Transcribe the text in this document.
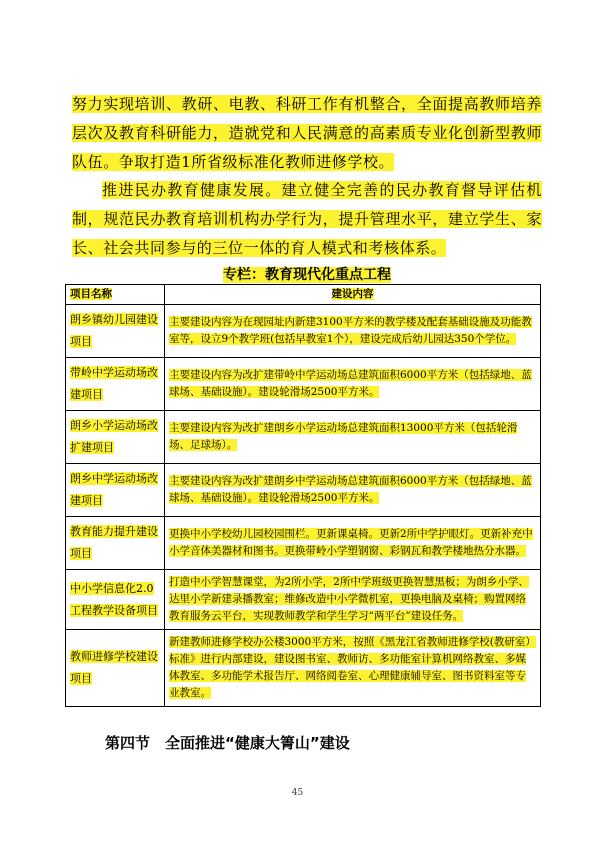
努力实现培训、教研、电教、科研工作有机整合，全面提高教师培养层次及教育科研能力，造就党和人民满意的高素质专业化创新型教师队伍。争取打造1所省级标准化教师进修学校。
推进民办教育健康发展。建立健全完善的民办教育督导评估机制，规范民办教育培训机构办学行为，提升管理水平，建立学生、家长、社会共同参与的三位一体的育人模式和考核体系。
专栏：教育现代化重点工程
项目名称	建设内容
朗乡镇幼儿园建设项目	主要建设内容为在现园址内新建3100平方米的教学楼及配套基础设施及功能教室等，设立9个教学班(包括早教室1个），建设完成后幼儿园达350个学位。
带岭中学运动场改建项目	主要建设内容为改扩建带岭中学运动场总建筑面积6000平方米（包括绿地、蓝球场、基础设施）。建设轮滑场2500平方米。
朗乡小学运动场改扩建项目	主要建设内容为改扩建朗乡小学运动场总建筑面积13000平方米（包括轮滑场、足球场）。
朗乡中学运动场改建项目	主要建设内容为改扩建朗乡中学运动场总建筑面积6000平方米（包括绿地、蓝球场、基础设施）。建设轮滑场2500平方米。
教育能力提升建设项目	更换中小学校幼儿园校园围栏。更新课桌椅。更新2所中学护眼灯。更新补充中小学音体美器材和图书。更换带岭小学塑钢窗、彩钢瓦和教学楼地热分水器。
中小学信息化2.0工程教学设备项目	打造中小学智慧课堂，为2所小学，2所中学班级更换智慧黑板；为朗乡小学、达里小学新建录播教室；维修改造中小学微机室，更换电脑及桌椅；购置网络教育服务云平台，实现教师教学和学生学习“两平台”建设任务。
教师进修学校建设项目	新建教师进修学校办公楼3000平方米，按照《黑龙江省教师进修学校(教研室）标准》进行内部建设，建设图书室、教师访、多功能室计算机网络教室、多媒体教室、多功能学术报告厅、网络阅卷室、心理健康辅导室、图书资料室等专业教室。
第四节　全面推进“健康大箐山”建设
45
